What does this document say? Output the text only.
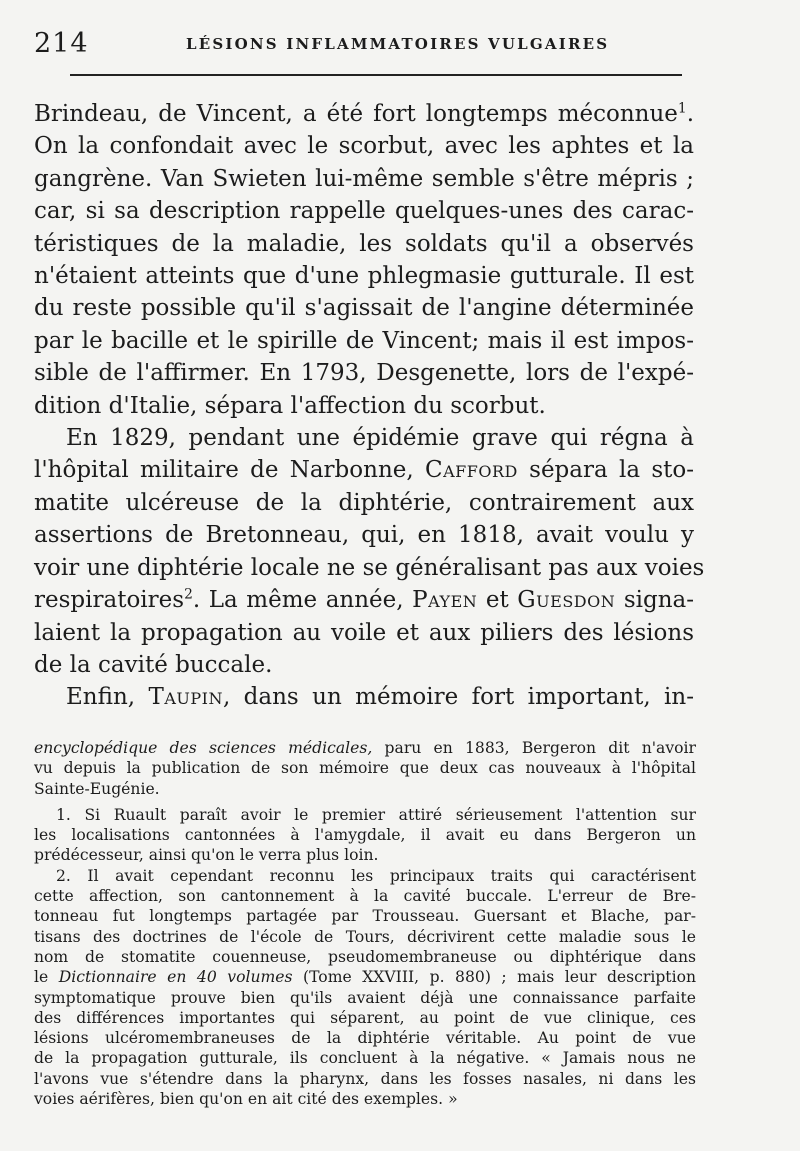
214	LÉSIONS INFLAMMATOIRES VULGAIRES
Brindeau, de Vincent, a été fort longtemps méconnue$^1$.
On la confondait avec le scorbut, avec les aphtes et la
gangrène. Van Swieten lui-même semble s'être mépris ;
car, si sa description rappelle quelques-unes des carac-
téristiques de la maladie, les soldats qu'il a observés
n'étaient atteints que d'une phlegmasie gutturale. Il est
du reste possible qu'il s'agissait de l'angine déterminée
par le bacille et le spirille de Vincent; mais il est impos-
sible de l'affirmer. En 1793, Desgenette, lors de l'expé-
dition d'Italie, sépara l'affection du scorbut.
En 1829, pendant une épidémie grave qui régna à
l'hôpital militaire de Narbonne, Cafford sépara la sto-
matite ulcéreuse de la diphtérie, contrairement aux
assertions de Bretonneau, qui, en 1818, avait voulu y
voir une diphtérie locale ne se généralisant pas aux voies
respiratoires$^2$. La même année, Payen et Guesdon signa-
laient la propagation au voile et aux piliers des lésions
de la cavité buccale.
Enfin, Taupin, dans un mémoire fort important, in-
encyclopédique des sciences médicales, paru en 1883, Bergeron dit n'avoir
vu depuis la publication de son mémoire que deux cas nouveaux à l'hôpital
Sainte-Eugénie.
1. Si Ruault paraît avoir le premier attiré sérieusement l'attention sur
les localisations cantonnées à l'amygdale, il avait eu dans Bergeron un
prédécesseur, ainsi qu'on le verra plus loin.
2. Il avait cependant reconnu les principaux traits qui caractérisent
cette affection, son cantonnement à la cavité buccale. L'erreur de Bre-
tonneau fut longtemps partagée par Trousseau. Guersant et Blache, par-
tisans des doctrines de l'école de Tours, décrivirent cette maladie sous le
nom de stomatite couenneuse, pseudomembraneuse ou diphtérique dans
le Dictionnaire en 40 volumes (Tome XXVIII, p. 880) ; mais leur description
symptomatique prouve bien qu'ils avaient déjà une connaissance parfaite
des différences importantes qui séparent, au point de vue clinique, ces
lésions ulcéromembraneuses de la diphtérie véritable. Au point de vue
de la propagation gutturale, ils concluent à la négative. « Jamais nous ne
l'avons vue s'étendre dans la pharynx, dans les fosses nasales, ni dans les
voies aérifères, bien qu'on en ait cité des exemples. »
